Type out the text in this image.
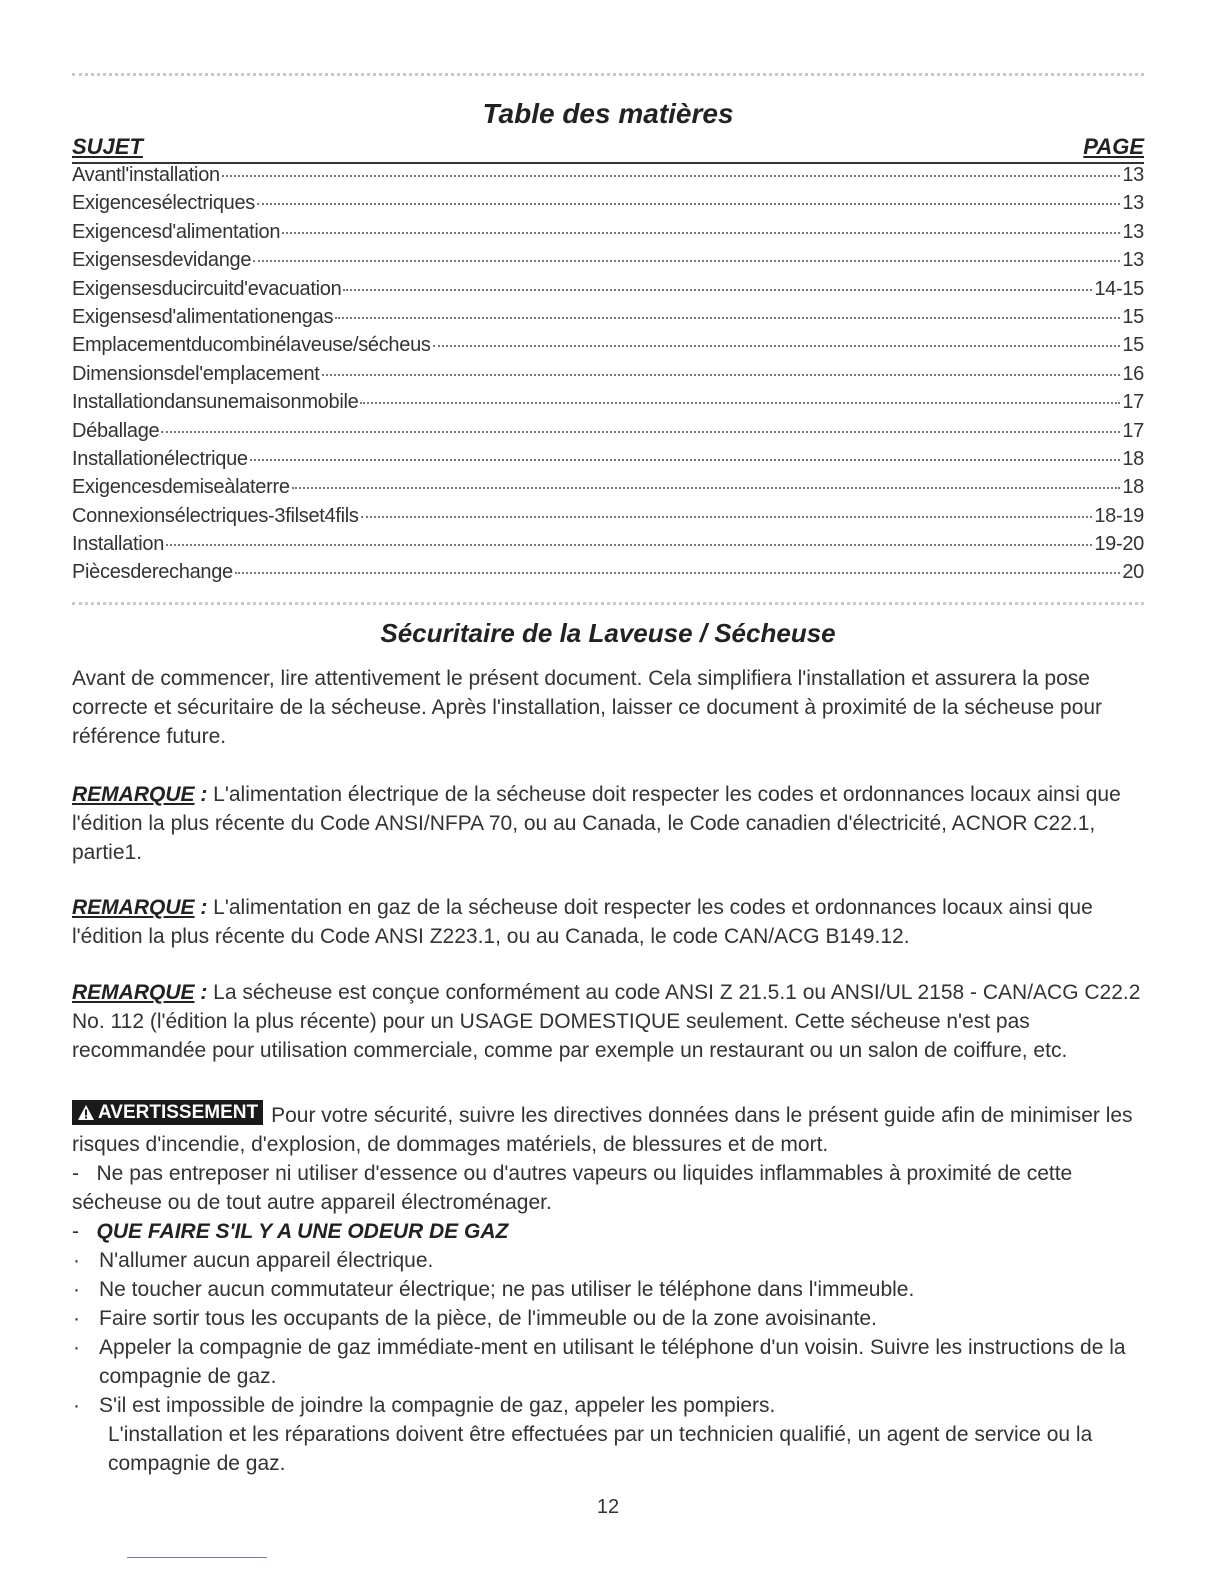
Table des matières
SUJET	PAGE
Avantl'installation	13
Exigencesélectriques	13
Exigencesd'alimentation	13
Exigensesdevidange	13
Exigensesducircuitd'evacuation	14-15
Exigensesd'alimentationengas	15
Emplacementducombinélaveuse/sécheus	15
Dimensionsdel'emplacement	16
Installationdansunemaisonmobile	17
Déballage	17
Installationélectrique	18
Exigencesdemiseàlaterre	18
Connexionsélectriques-3filset4fils	18-19
Installation	19-20
Piècesderechange	20
Sécuritaire de la Laveuse / Sécheuse

Avant de commencer, lire attentivement le présent document. Cela simplifiera l'installation et assurera la pose correcte et sécuritaire de la sécheuse. Après l'installation, laisser ce document à proximité de la sécheuse pour référence future.

REMARQUE : L'alimentation électrique de la sécheuse doit respecter les codes et ordonnances locaux ainsi que l'édition la plus récente du Code ANSI/NFPA 70, ou au Canada, le Code canadien d'électricité, ACNOR C22.1, partie1.

REMARQUE : L'alimentation en gaz de la sécheuse doit respecter les codes et ordonnances locaux ainsi que l'édition la plus récente du Code ANSI Z223.1, ou au Canada, le code CAN/ACG B149.12.

REMARQUE : La sécheuse est conçue conformément au code ANSI Z 21.5.1 ou ANSI/UL 2158 - CAN/ACG C22.2 No. 112 (l'édition la plus récente) pour un USAGE DOMESTIQUE seulement. Cette sécheuse n'est pas recommandée pour utilisation commerciale, comme par exemple un restaurant ou un salon de coiffure, etc.

AVERTISSEMENT Pour votre sécurité, suivre les directives données dans le présent guide afin de minimiser les risques d'incendie, d'explosion, de dommages matériels, de blessures et de mort.
- Ne pas entreposer ni utiliser d'essence ou d'autres vapeurs ou liquides inflammables à proximité de cette sécheuse ou de tout autre appareil électroménager.
- QUE FAIRE S'IL Y A UNE ODEUR DE GAZ
· N'allumer aucun appareil électrique.
· Ne toucher aucun commutateur électrique; ne pas utiliser le téléphone dans l'immeuble.
· Faire sortir tous les occupants de la pièce, de l'immeuble ou de la zone avoisinante.
· Appeler la compagnie de gaz immédiate-ment en utilisant le téléphone d'un voisin. Suivre les instructions de la compagnie de gaz.
· S'il est impossible de joindre la compagnie de gaz, appeler les pompiers.
L'installation et les réparations doivent être effectuées par un technicien qualifié, un agent de service ou la compagnie de gaz.
12
